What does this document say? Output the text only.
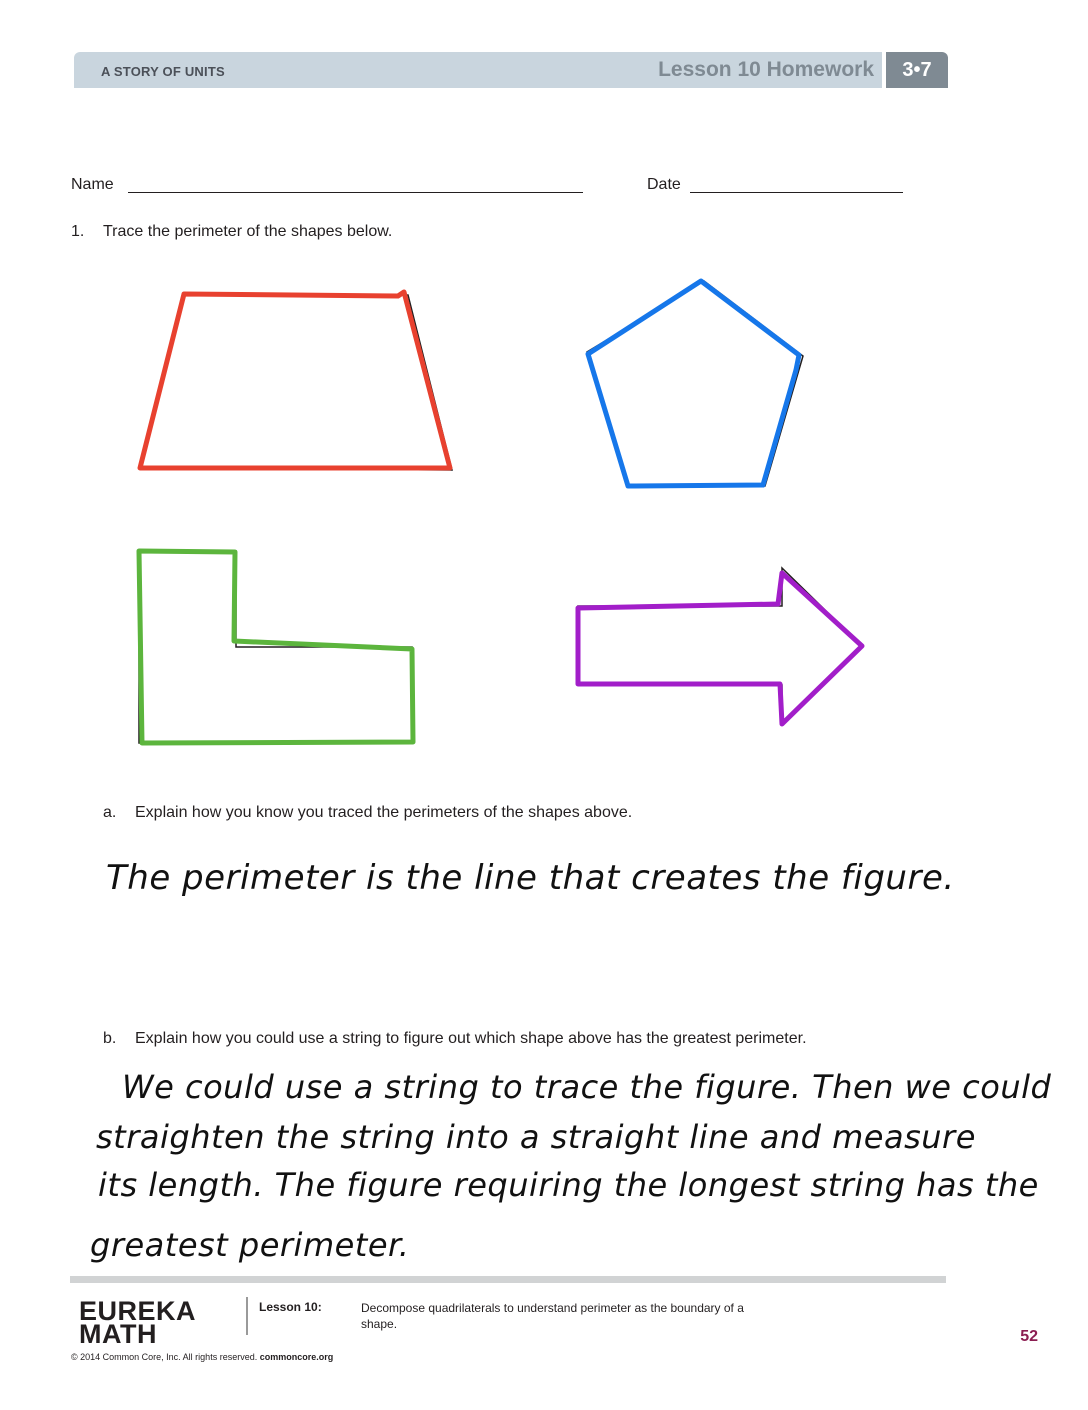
A STORY OF UNITS	Lesson 10 Homework	3•7
Name	Date
1. Trace the perimeter of the shapes below.
a. Explain how you know you traced the perimeters of the shapes above.
The perimeter is the line that creates the figure.
b. Explain how you could use a string to figure out which shape above has the greatest perimeter.
We could use a string to trace the figure. Then we could
straighten the string into a straight line and measure
its length. The figure requiring the longest string has the
greatest perimeter.
EUREKA
MATH
Lesson 10:	Decompose quadrilaterals to understand perimeter as the boundary of a shape.
52
© 2014 Common Core, Inc. All rights reserved. commoncore.org
